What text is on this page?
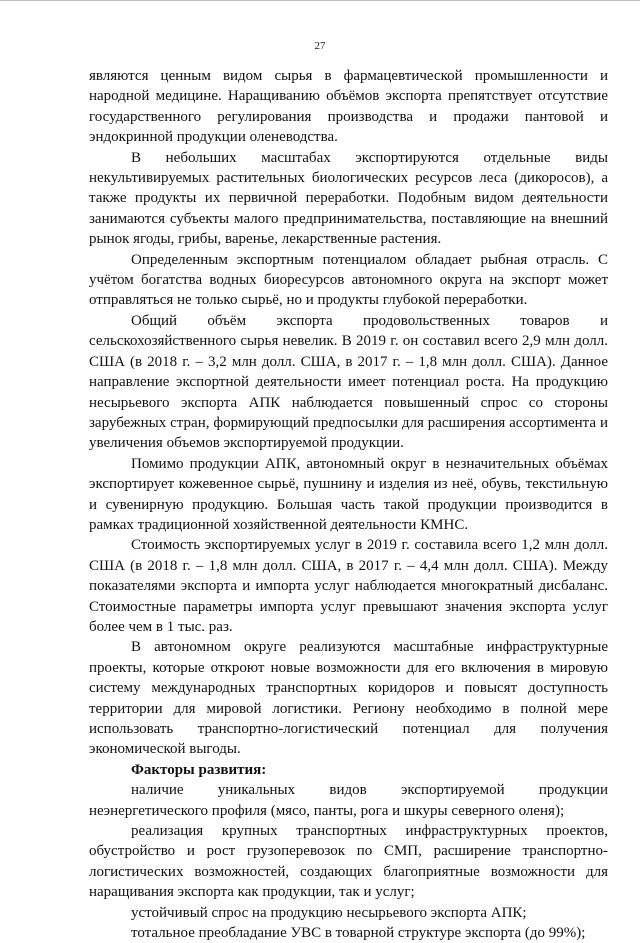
27

являются ценным видом сырья в фармацевтической промышленности и народной медицине. Наращиванию объёмов экспорта препятствует отсутствие государственного регулирования производства и продажи пантовой и эндокринной продукции оленеводства.

В небольших масштабах экспортируются отдельные виды некультивируемых растительных биологических ресурсов леса (дикоросов), а также продукты их первичной переработки. Подобным видом деятельности занимаются субъекты малого предпринимательства, поставляющие на внешний рынок ягоды, грибы, варенье, лекарственные растения.

Определенным экспортным потенциалом обладает рыбная отрасль. С учётом богатства водных биоресурсов автономного округа на экспорт может отправляться не только сырьё, но и продукты глубокой переработки.

Общий объём экспорта продовольственных товаров и сельскохозяйственного сырья невелик. В 2019 г. он составил всего 2,9 млн долл. США (в 2018 г. – 3,2 млн долл. США, в 2017 г. – 1,8 млн долл. США). Данное направление экспортной деятельности имеет потенциал роста. На продукцию несырьевого экспорта АПК наблюдается повышенный спрос со стороны зарубежных стран, формирующий предпосылки для расширения ассортимента и увеличения объемов экспортируемой продукции.

Помимо продукции АПК, автономный округ в незначительных объёмах экспортирует кожевенное сырьё, пушнину и изделия из неё, обувь, текстильную и сувенирную продукцию. Большая часть такой продукции производится в рамках традиционной хозяйственной деятельности КМНС.

Стоимость экспортируемых услуг в 2019 г. составила всего 1,2 млн долл. США (в 2018 г. – 1,8 млн долл. США, в 2017 г. – 4,4 млн долл. США). Между показателями экспорта и импорта услуг наблюдается многократный дисбаланс. Стоимостные параметры импорта услуг превышают значения экспорта услуг более чем в 1 тыс. раз.

В автономном округе реализуются масштабные инфраструктурные проекты, которые откроют новые возможности для его включения в мировую систему международных транспортных коридоров и повысят доступность территории для мировой логистики. Региону необходимо в полной мере использовать транспортно-логистический потенциал для получения экономической выгоды.

Факторы развития:

наличие уникальных видов экспортируемой продукции неэнергетического профиля (мясо, панты, рога и шкуры северного оленя);

реализация крупных транспортных инфраструктурных проектов, обустройство и рост грузоперевозок по СМП, расширение транспортно-логистических возможностей, создающих благоприятные возможности для наращивания экспорта как продукции, так и услуг;

устойчивый спрос на продукцию несырьевого экспорта АПК;

тотальное преобладание УВС в товарной структуре экспорта (до 99%);
